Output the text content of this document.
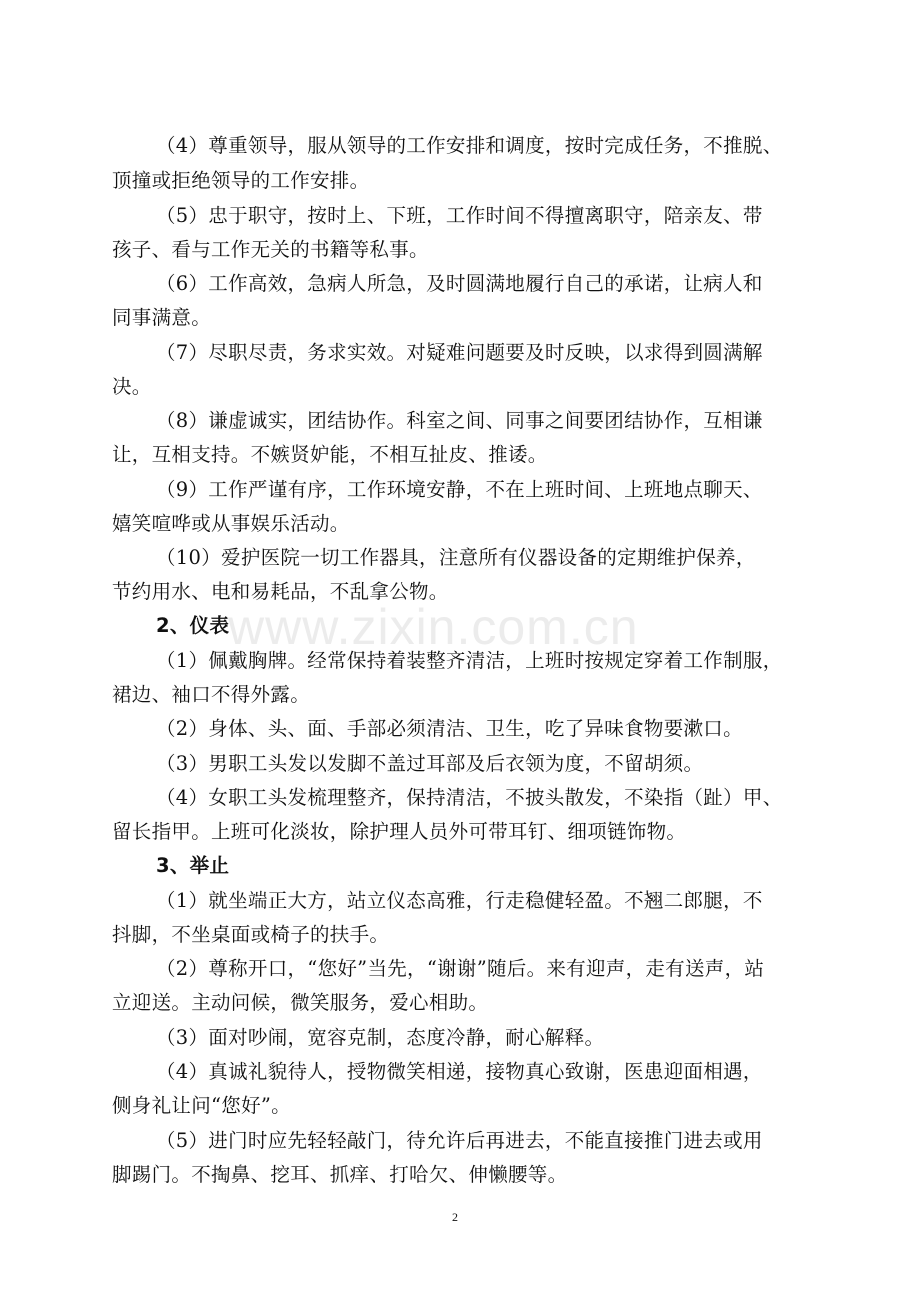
www.zixin.com.cn
（4）尊重领导，服从领导的工作安排和调度，按时完成任务，不推脱、
顶撞或拒绝领导的工作安排。
（5）忠于职守，按时上、下班，工作时间不得擅离职守，陪亲友、带
孩子、看与工作无关的书籍等私事。
（6）工作高效，急病人所急，及时圆满地履行自己的承诺，让病人和
同事满意。
（7）尽职尽责，务求实效。对疑难问题要及时反映，以求得到圆满解
决。
（8）谦虚诚实，团结协作。科室之间、同事之间要团结协作，互相谦
让，互相支持。不嫉贤妒能，不相互扯皮、推诿。
（9）工作严谨有序，工作环境安静，不在上班时间、上班地点聊天、
嬉笑喧哗或从事娱乐活动。
（10）爱护医院一切工作器具，注意所有仪器设备的定期维护保养，
节约用水、电和易耗品，不乱拿公物。
2、仪表
（1）佩戴胸牌。经常保持着装整齐清洁，上班时按规定穿着工作制服，
裙边、袖口不得外露。
（2）身体、头、面、手部必须清洁、卫生，吃了异味食物要漱口。
（3）男职工头发以发脚不盖过耳部及后衣领为度，不留胡须。
（4）女职工头发梳理整齐，保持清洁，不披头散发，不染指（趾）甲、
留长指甲。上班可化淡妆，除护理人员外可带耳钉、细项链饰物。
3、举止
（1）就坐端正大方，站立仪态高雅，行走稳健轻盈。不翘二郎腿，不
抖脚，不坐桌面或椅子的扶手。
（2）尊称开口，“您好”当先，“谢谢”随后。来有迎声，走有送声，站
立迎送。主动问候，微笑服务，爱心相助。
（3）面对吵闹，宽容克制，态度冷静，耐心解释。
（4）真诚礼貌待人，授物微笑相递，接物真心致谢，医患迎面相遇，
侧身礼让问“您好”。
（5）进门时应先轻轻敲门，待允许后再进去，不能直接推门进去或用
脚踢门。不掏鼻、挖耳、抓痒、打哈欠、伸懒腰等。
2
